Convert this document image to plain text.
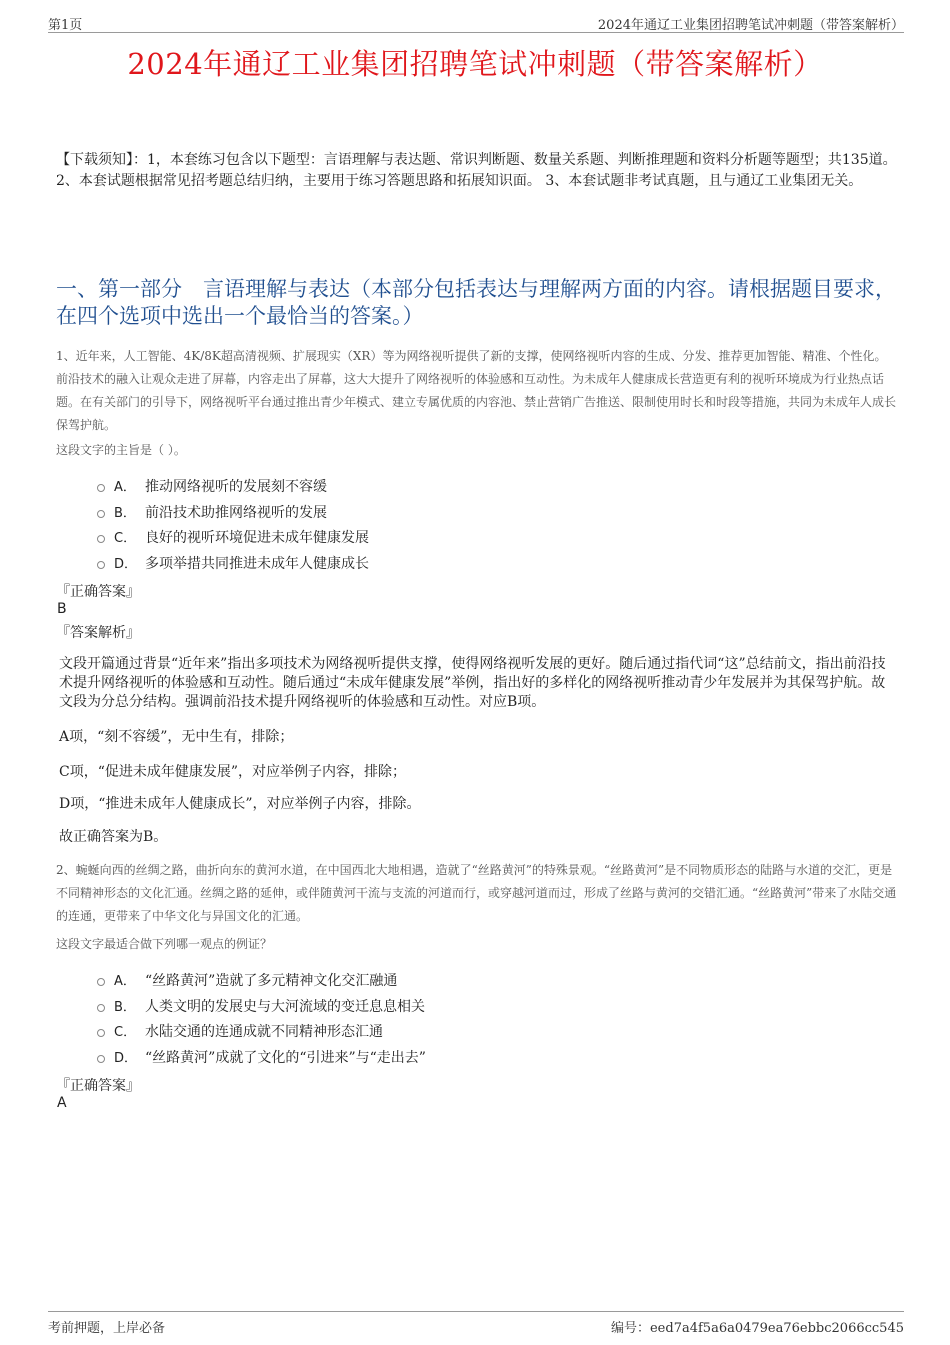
第1页	2024年通辽工业集团招聘笔试冲刺题（带答案解析）
2024年通辽工业集团招聘笔试冲刺题（带答案解析）
【下载须知】：1，本套练习包含以下题型：言语理解与表达题、常识判断题、数量关系题、判断推理题和资料分析题等题型；共135道。 2、本套试题根据常见招考题总结归纳，主要用于练习答题思路和拓展知识面。 3、本套试题非考试真题，且与通辽工业集团无关。
一、第一部分　言语理解与表达（本部分包括表达与理解两方面的内容。请根据题目要求，在四个选项中选出一个最恰当的答案。）
1、近年来，人工智能、4K/8K超高清视频、扩展现实（XR）等为网络视听提供了新的支撑，使网络视听内容的生成、分发、推荐更加智能、精准、个性化。前沿技术的融入让观众走进了屏幕，内容走出了屏幕，这大大提升了网络视听的体验感和互动性。为未成年人健康成长营造更有利的视听环境成为行业热点话题。在有关部门的引导下，网络视听平台通过推出青少年模式、建立专属优质的内容池、禁止营销广告推送、限制使用时长和时段等措施，共同为未成年人成长保驾护航。
这段文字的主旨是（ ）。
A． 推动网络视听的发展刻不容缓
B． 前沿技术助推网络视听的发展
C． 良好的视听环境促进未成年健康发展
D． 多项举措共同推进未成年人健康成长
『正确答案』
B
『答案解析』
文段开篇通过背景“近年来”指出多项技术为网络视听提供支撑，使得网络视听发展的更好。随后通过指代词“这”总结前文，指出前沿技术提升网络视听的体验感和互动性。随后通过“未成年健康发展”举例，指出好的多样化的网络视听推动青少年发展并为其保驾护航。故文段为分总分结构。强调前沿技术提升网络视听的体验感和互动性。对应B项。
A项，“刻不容缓”，无中生有，排除；
C项，“促进未成年健康发展”，对应举例子内容，排除；
D项，“推进未成年人健康成长”，对应举例子内容，排除。
故正确答案为B。
2、蜿蜒向西的丝绸之路，曲折向东的黄河水道，在中国西北大地相遇，造就了“丝路黄河”的特殊景观。“丝路黄河”是不同物质形态的陆路与水道的交汇，更是不同精神形态的文化汇通。丝绸之路的延伸，或伴随黄河干流与支流的河道而行，或穿越河道而过，形成了丝路与黄河的交错汇通。“丝路黄河”带来了水陆交通的连通，更带来了中华文化与异国文化的汇通。
这段文字最适合做下列哪一观点的例证？
A． “丝路黄河”造就了多元精神文化交汇融通
B． 人类文明的发展史与大河流域的变迁息息相关
C． 水陆交通的连通成就不同精神形态汇通
D． “丝路黄河”成就了文化的“引进来”与“走出去”
『正确答案』
A
考前押题，上岸必备	编号：eed7a4f5a6a0479ea76ebbc2066cc545
